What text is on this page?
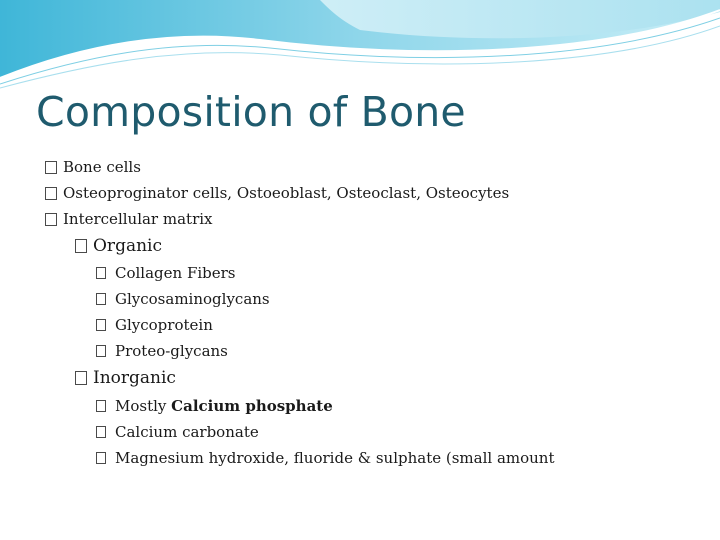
Composition of Bone
Bone cells
Osteoproginator cells, Ostoeoblast, Osteoclast, Osteocytes
Intercellular matrix
Organic
Collagen Fibers
Glycosaminoglycans
Glycoprotein
Proteo-glycans
Inorganic
Mostly Calcium phosphate
Calcium carbonate
Magnesium hydroxide, fluoride & sulphate (small amount
